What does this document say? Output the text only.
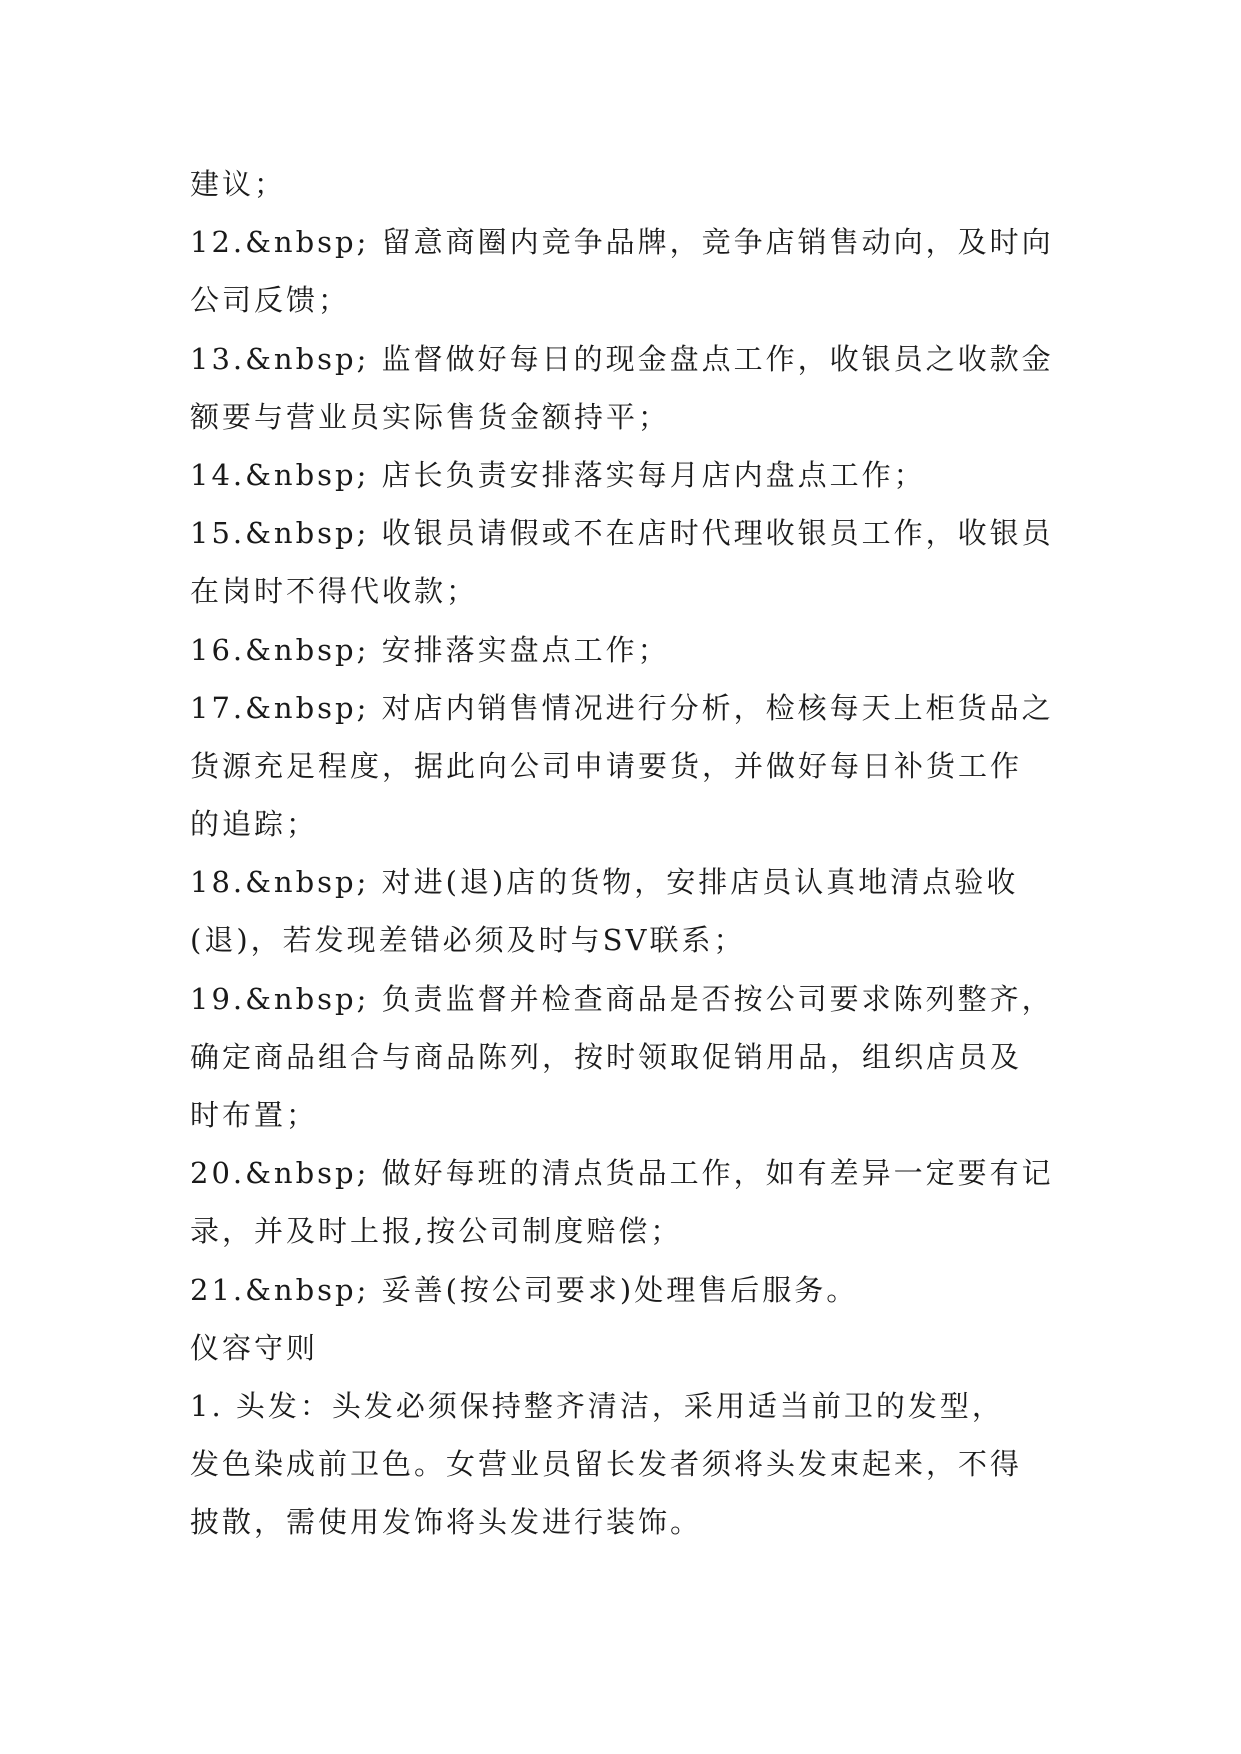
建议；

12.&nbsp; 留意商圈内竞争品牌，竞争店销售动向，及时向

公司反馈；

13.&nbsp; 监督做好每日的现金盘点工作，收银员之收款金

额要与营业员实际售货金额持平；

14.&nbsp; 店长负责安排落实每月店内盘点工作；

15.&nbsp; 收银员请假或不在店时代理收银员工作，收银员

在岗时不得代收款；

16.&nbsp; 安排落实盘点工作；

17.&nbsp; 对店内销售情况进行分析，检核每天上柜货品之

货源充足程度，据此向公司申请要货，并做好每日补货工作

的追踪；

18.&nbsp; 对进(退)店的货物，安排店员认真地清点验收

(退)，若发现差错必须及时与SV联系；

19.&nbsp; 负责监督并检查商品是否按公司要求陈列整齐，

确定商品组合与商品陈列，按时领取促销用品，组织店员及

时布置；

20.&nbsp; 做好每班的清点货品工作，如有差异一定要有记

录，并及时上报,按公司制度赔偿；

21.&nbsp; 妥善(按公司要求)处理售后服务。

仪容守则

1. 头发：头发必须保持整齐清洁，采用适当前卫的发型，

发色染成前卫色。女营业员留长发者须将头发束起来，不得

披散，需使用发饰将头发进行装饰。
